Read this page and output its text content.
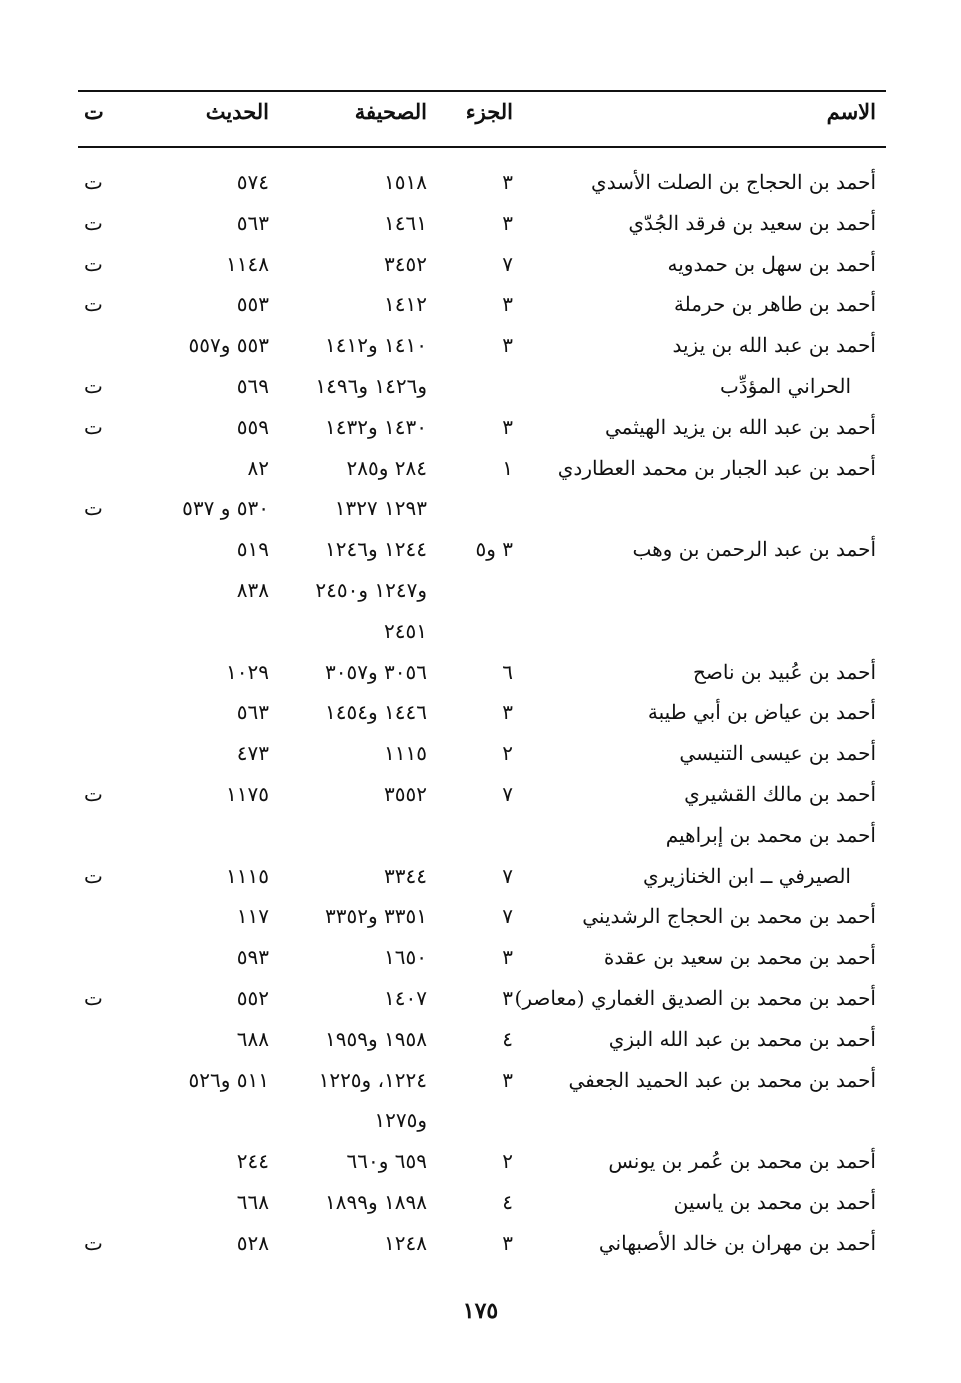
الاسم
الجزء
الصحيفة
الحديث
ت
أحمد بن الحجاج بن الصلت الأسدي
٣
١٥١٨
٥٧٤
ت
أحمد بن سعيد بن فرقد الجُدّي
٣
١٤٦١
٥٦٣
ت
أحمد بن سهل بن حمدويه
٧
٣٤٥٢
١١٤٨
ت
أحمد بن طاهر بن حرملة
٣
١٤١٢
٥٥٣
ت
أحمد بن عبد الله بن يزيد
٣
١٤١٠ و١٤١٢
٥٥٣ و٥٥٧
الحراني المؤدِّب
و١٤٢٦ و١٤٩٦
٥٦٩
ت
أحمد بن عبد الله بن يزيد الهيثمي
٣
١٤٣٠ و١٤٣٢
٥٥٩
ت
أحمد بن عبد الجبار بن محمد العطاردي
١
٢٨٤ و٢٨٥
٨٢
١٢٩٣ ١٣٢٧
٥٣٠ و ٥٣٧
ت
أحمد بن عبد الرحمن بن وهب
٣ و٥
١٢٤٤ و١٢٤٦
٥١٩
و١٢٤٧ و٢٤٥٠
٨٣٨
٢٤٥١
أحمد بن عُبيد بن ناصح
٦
٣٠٥٦ و٣٠٥٧
١٠٢٩
أحمد بن عياض بن أبي طيبة
٣
١٤٤٦ و١٤٥٤
٥٦٣
أحمد بن عيسى التنيسي
٢
١١١٥
٤٧٣
أحمد بن مالك القشيري
٧
٣٥٥٢
١١٧٥
ت
أحمد بن محمد بن إبراهيم
الصيرفي ــ ابن الخنازيري
٧
٣٣٤٤
١١١٥
ت
أحمد بن محمد بن الحجاج الرشديني
٧
٣٣٥١ و٣٣٥٢
١١٧
أحمد بن محمد بن سعيد بن عقدة
٣
١٦٥٠
٥٩٣
أحمد بن محمد بن الصديق الغماري (معاصر)
٣
١٤٠٧
٥٥٢
ت
أحمد بن محمد بن عبد الله البزي
٤
١٩٥٨ و١٩٥٩
٦٨٨
أحمد بن محمد بن عبد الحميد الجعفي
٣
١٢٢٤، و١٢٢٥
٥١١ و٥٢٦
و١٢٧٥
أحمد بن محمد بن عُمر بن يونس
٢
٦٥٩ و٦٦٠
٢٤٤
أحمد بن محمد بن ياسين
٤
١٨٩٨ و١٨٩٩
٦٦٨
أحمد بن مهران بن خالد الأصبهاني
٣
١٢٤٨
٥٢٨
ت
١٧٥
